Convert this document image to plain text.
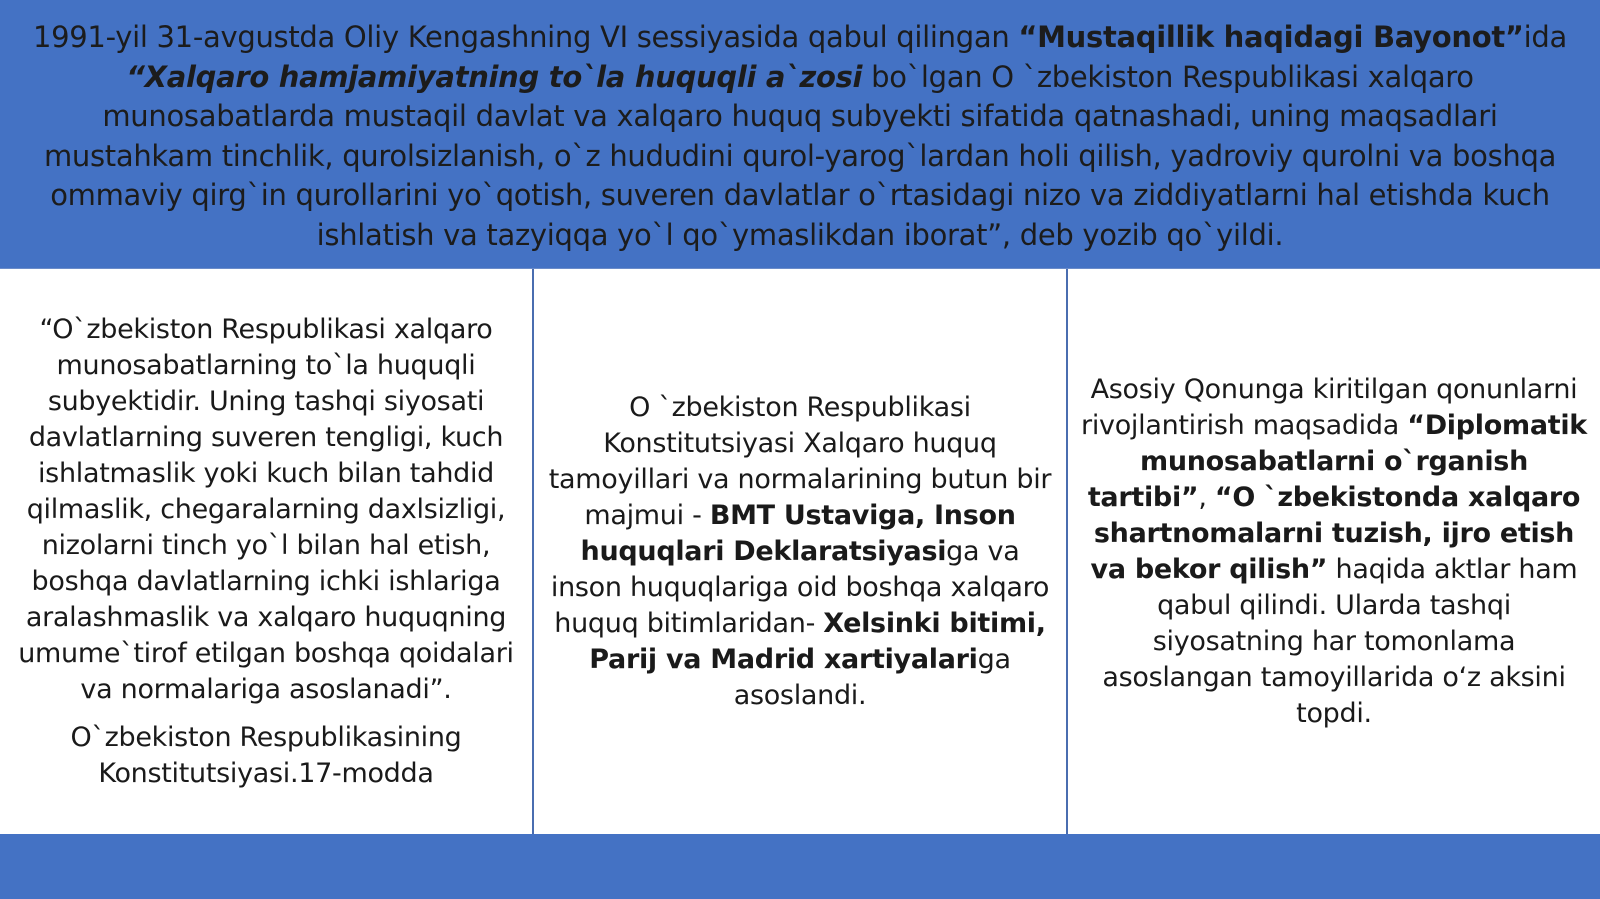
1991-yil 31-avgustda Oliy Kengashning VI sessiyasida qabul qilingan “Mustaqillik haqidagi Bayonot”ida “Xalqaro hamjamiyatning to`la huquqli a`zosi bo`lgan O `zbekiston Respublikasi xalqaro munosabatlarda mustaqil davlat va xalqaro huquq subyekti sifatida qatnashadi, uning maqsadlari mustahkam tinchlik, qurolsizlanish, o`z hududini qurol-yarog`lardan holi qilish, yadroviy qurolni va boshqa ommaviy qirg`in qurollarini yo`qotish, suveren davlatlar o`rtasidagi nizo va ziddiyatlarni hal etishda kuch ishlatish va tazyiqqa yo`l qo`ymaslikdan iborat”, deb yozib qo`yildi.

“O`zbekiston Respublikasi xalqaro munosabatlarning to`la huquqli subyektidir. Uning tashqi siyosati davlatlarning suveren tengligi, kuch ishlatmaslik yoki kuch bilan tahdid qilmaslik, chegaralarning daxlsizligi, nizolarni tinch yo`l bilan hal etish, boshqa davlatlarning ichki ishlariga aralashmaslik va xalqaro huquqning umume`tirof etilgan boshqa qoidalari va normalariga asoslanadi”.

O`zbekiston Respublikasining Konstitutsiyasi.17-modda

O `zbekiston Respublikasi Konstitutsiyasi Xalqaro huquq tamoyillari va normalarining butun bir majmui - BMT Ustaviga, Inson huquqlari Deklaratsiyasiga va inson huquqlariga oid boshqa xalqaro huquq bitimlaridan- Xelsinki bitimi, Parij va Madrid xartiyalariga asoslandi.

Asosiy Qonunga kiritilgan qonunlarni rivojlantirish maqsadida “Diplomatik munosabatlarni o`rganish tartibi”, “O `zbekistonda xalqaro shartnomalarni tuzish, ijro etish va bekor qilish” haqida aktlar ham qabul qilindi. Ularda tashqi siyosatning har tomonlama asoslangan tamoyillarida o‘z aksini topdi.
